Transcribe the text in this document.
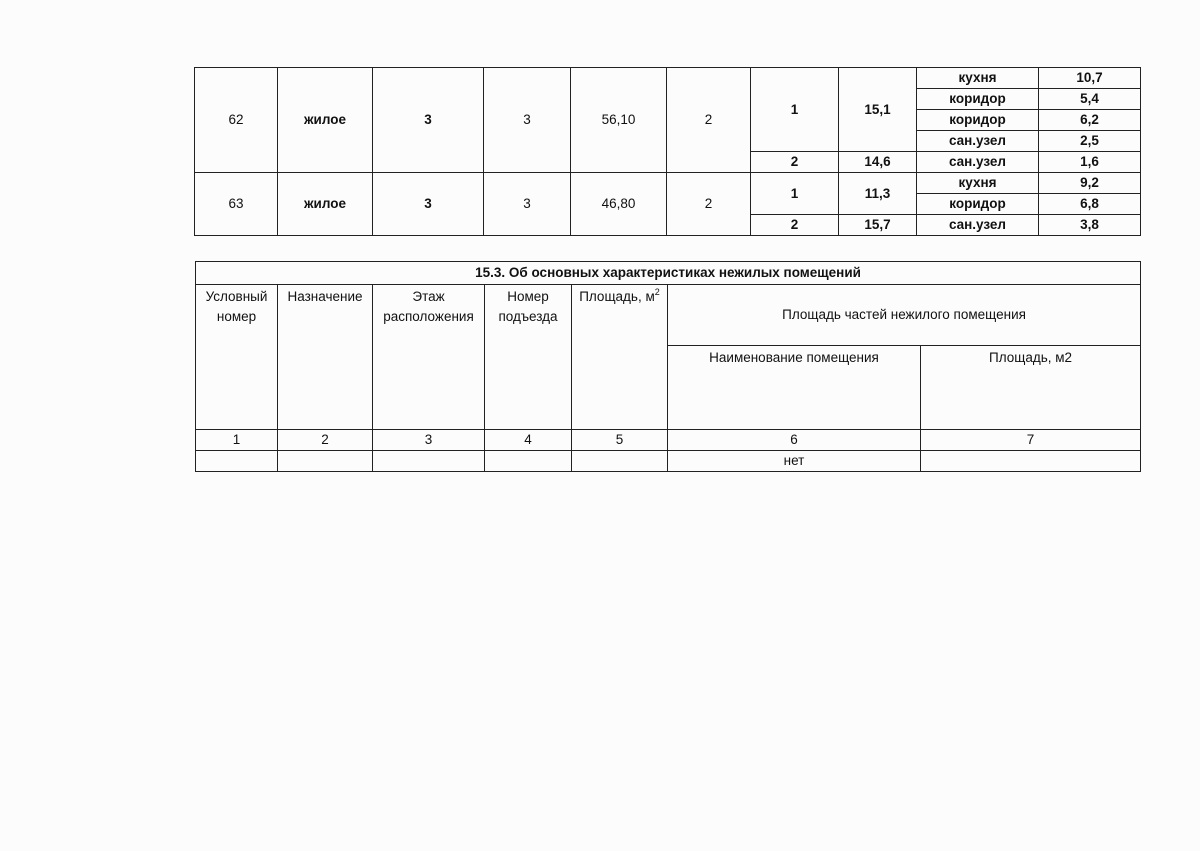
62	жилое	3	3	56,10	2	1	15,1	кухня	10,7
								коридор	5,4
								коридор	6,2
								сан.узел	2,5
						2	14,6	сан.узел	1,6
63	жилое	3	3	46,80	2	1	11,3	кухня	9,2
								коридор	6,8
						2	15,7	сан.узел	3,8
15.3. Об основных характеристиках нежилых помещений						
Условный номер	Назначение	Этаж расположения	Номер подъезда	Площадь, $м^2$	Площадь частей нежилого помещения	
					Наименование помещения	Площадь, м2
1	2	3	4	5	6	7
					нет	
